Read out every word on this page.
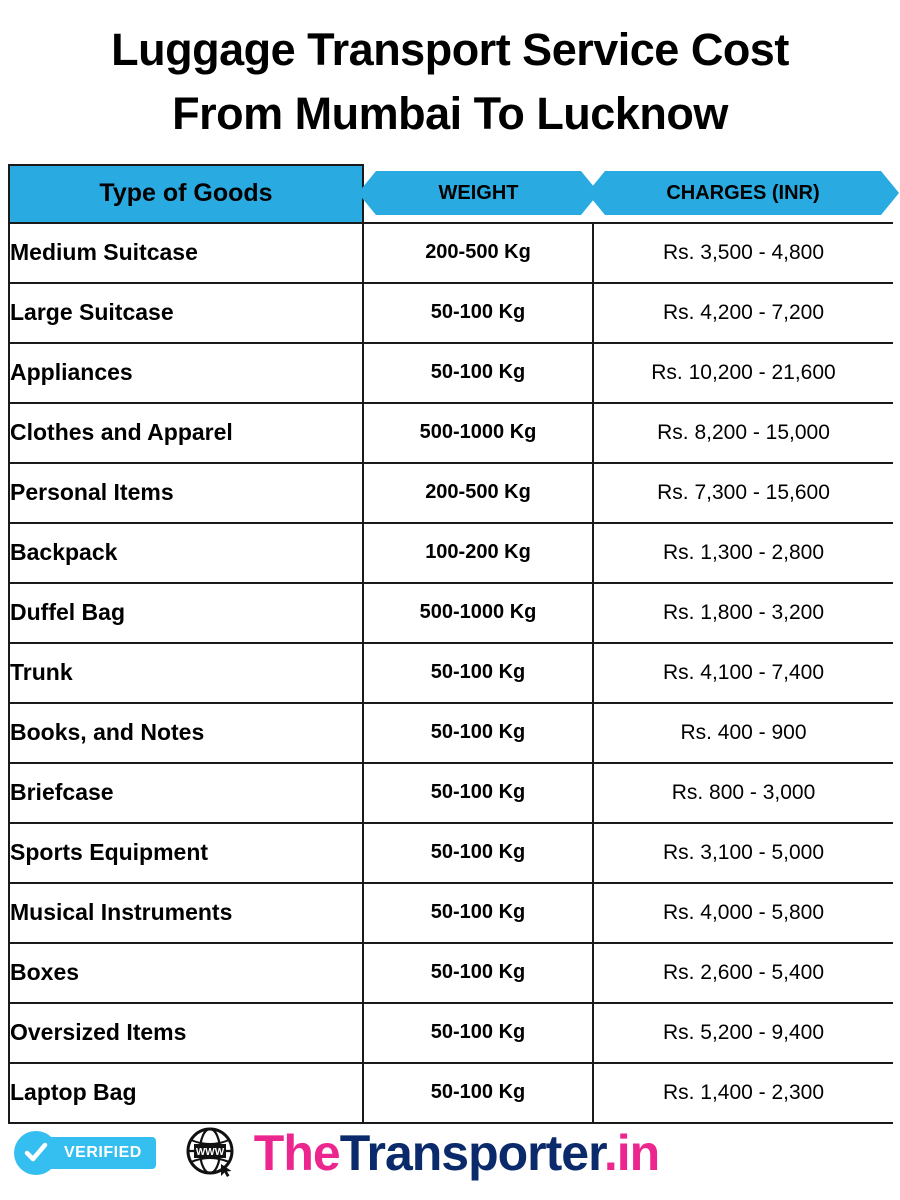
Luggage Transport Service Cost
From Mumbai To Lucknow
Type of Goods	WEIGHT	CHARGES (INR)

Medium Suitcase	200-500 Kg	Rs. 3,500 - 4,800
Large Suitcase	50-100 Kg	Rs. 4,200 - 7,200
Appliances	50-100 Kg	Rs. 10,200 - 21,600
Clothes and Apparel	500-1000 Kg	Rs. 8,200 - 15,000
Personal Items	200-500 Kg	Rs. 7,300 - 15,600
Backpack	100-200 Kg	Rs. 1,300 - 2,800
Duffel Bag	500-1000 Kg	Rs. 1,800 - 3,200
Trunk	50-100 Kg	Rs. 4,100 - 7,400
Books, and Notes	50-100 Kg	Rs. 400 - 900
Briefcase	50-100 Kg	Rs. 800 - 3,000
Sports Equipment	50-100 Kg	Rs. 3,100 - 5,000
Musical Instruments	50-100 Kg	Rs. 4,000 - 5,800
Boxes	50-100 Kg	Rs. 2,600 - 5,400
Oversized Items	50-100 Kg	Rs. 5,200 - 9,400
Laptop Bag	50-100 Kg	Rs. 1,400 - 2,300
VERIFIED	WWW TheTransporter.in
